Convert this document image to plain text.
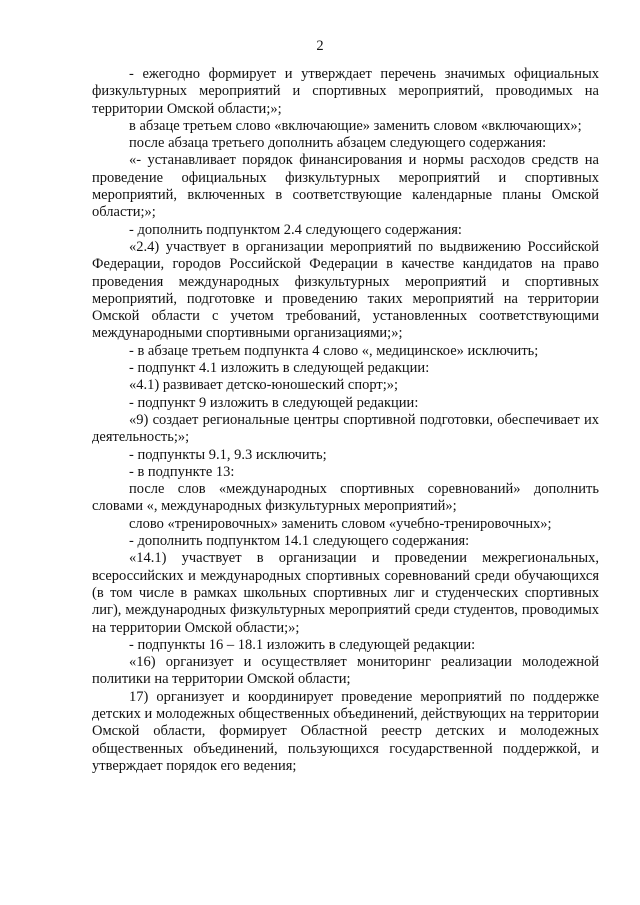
2

- ежегодно формирует и утверждает перечень значимых официальных физкультурных мероприятий и спортивных мероприятий, проводимых на территории Омской области;»;

в абзаце третьем слово «включающие» заменить словом «включающих»;

после абзаца третьего дополнить абзацем следующего содержания:

«- устанавливает порядок финансирования и нормы расходов средств на проведение официальных физкультурных мероприятий и спортивных мероприятий, включенных в соответствующие календарные планы Омской области;»;

- дополнить подпунктом 2.4 следующего содержания:

«2.4) участвует в организации мероприятий по выдвижению Российской Федерации, городов Российской Федерации в качестве кандидатов на право проведения международных физкультурных мероприятий и спортивных мероприятий, подготовке и проведению таких мероприятий на территории Омской области с учетом требований, установленных соответствующими международными спортивными организациями;»;

- в абзаце третьем подпункта 4 слово «, медицинское» исключить;

- подпункт 4.1 изложить в следующей редакции:

«4.1) развивает детско-юношеский спорт;»;

- подпункт 9 изложить в следующей редакции:

«9) создает региональные центры спортивной подготовки, обеспечивает их деятельность;»;

- подпункты 9.1, 9.3 исключить;

- в подпункте 13:

после слов «международных спортивных соревнований» дополнить словами «, международных физкультурных мероприятий»;

слово «тренировочных» заменить словом «учебно-тренировочных»;

- дополнить подпунктом 14.1 следующего содержания:

«14.1) участвует в организации и проведении межрегиональных, всероссийских и международных спортивных соревнований среди обучающихся (в том числе в рамках школьных спортивных лиг и студенческих спортивных лиг), международных физкультурных мероприятий среди студентов, проводимых на территории Омской области;»;

- подпункты 16 – 18.1 изложить в следующей редакции:

«16) организует и осуществляет мониторинг реализации молодежной политики на территории Омской области;

17) организует и координирует проведение мероприятий по поддержке детских и молодежных общественных объединений, действующих на территории Омской области, формирует Областной реестр детских и молодежных общественных объединений, пользующихся государственной поддержкой, и утверждает порядок его ведения;
